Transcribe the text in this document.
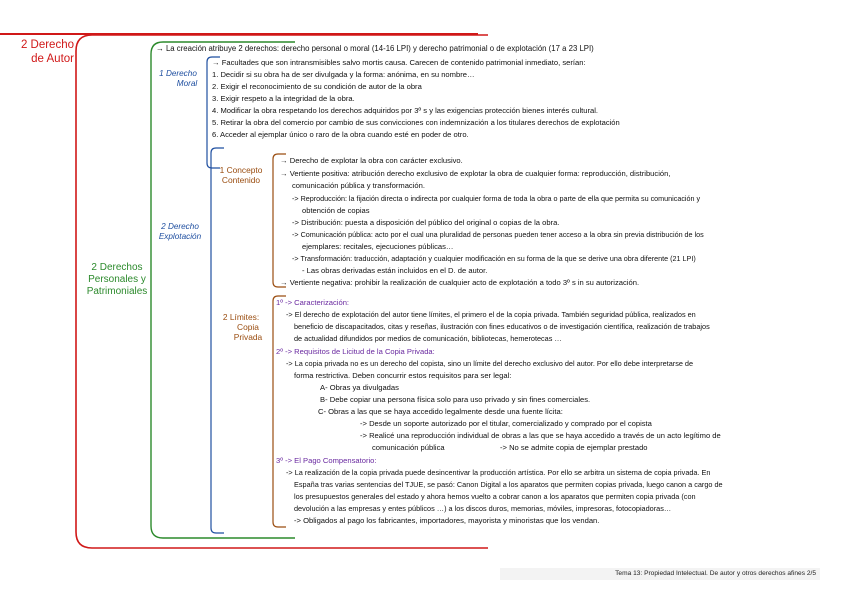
2 Derecho
de Autor
→ La creación atribuye 2 derechos: derecho personal o moral (14-16 LPI) y derecho patrimonial o de explotación (17 a 23 LPI)
2 Derechos
Personales y
Patrimoniales
1 Derecho
Moral
→ Facultades que son intransmisibles salvo mortis causa. Carecen de contenido patrimonial inmediato, serían:
1. Decidir si su obra ha de ser divulgada y la forma: anónima, en su nombre…
2. Exigir el reconocimiento de su condición de autor de la obra
3. Exigir respeto a la integridad de la obra.
4. Modificar la obra respetando los derechos adquiridos por 3º s y las exigencias protección bienes interés cultural.
5. Retirar la obra del comercio por cambio de sus convicciones con indemnización a los titulares derechos de explotación
6. Acceder al ejemplar único o raro de la obra cuando esté en poder de otro.
2 Derecho
Explotación
1 Concepto
Contenido
→ Derecho de explotar la obra con carácter exclusivo.
→ Vertiente positiva: atribución derecho exclusivo de explotar la obra de cualquier forma: reproducción, distribución,
comunicación pública y transformación.
-> Reproducción: la fijación directa o indirecta por cualquier forma de toda la obra o parte de ella que permita su comunicación y
obtención de copias
-> Distribución: puesta a disposición del público del original o copias de la obra.
-> Comunicación pública: acto por el cual una pluralidad de personas pueden tener acceso a la obra sin previa distribución de los
ejemplares: recitales, ejecuciones públicas…
-> Transformación: traducción, adaptación y cualquier modificación en su forma de la que se derive una obra diferente (21 LPI)
- Las obras derivadas están incluidos en el D. de autor.
→ Vertiente negativa: prohibir la realización de cualquier acto de explotación a todo 3º s in su autorización.
2 Límites:
Copia
Privada
1º -> Caracterización:
-> El derecho de explotación del autor tiene límites, el primero el de la copia privada. También seguridad pública, realizados en
beneficio de discapacitados, citas y reseñas, ilustración con fines educativos o de investigación científica, realización de trabajos
de actualidad difundidos por medios de comunicación, bibliotecas, hemerotecas …
2º -> Requisitos de Licitud de la Copia Privada:
-> La copia privada no es un derecho del copista, sino un límite del derecho exclusivo del autor. Por ello debe interpretarse de
forma restrictiva. Deben concurrir estos requisitos para ser legal:
A- Obras ya divulgadas
B- Debe copiar una persona física solo para uso privado y sin fines comerciales.
C- Obras a las que se haya accedido legalmente desde una fuente lícita:
-> Desde un soporte autorizado por el titular, comercializado y comprado por el copista
-> Realicé una reproducción individual de obras a las que se haya accedido a través de un acto legítimo de
comunicación pública	-> No se admite copia de ejemplar prestado
3º -> El Pago Compensatorio:
-> La realización de la copia privada puede desincentivar la producción artística. Por ello se arbitra un sistema de copia privada. En
España tras varias sentencias del TJUE, se pasó: Canon Digital a los aparatos que permiten copias privada, luego canon a cargo de
los presupuestos generales del estado y ahora hemos vuelto a cobrar canon a los aparatos que permiten copia privada (con
devolución a las empresas y entes públicos …) a los discos duros, memorias, móviles, impresoras, fotocopiadoras…
-> Obligados al pago los fabricantes, importadores, mayorista y minoristas que los vendan.
Tema 13: Propiedad Intelectual. De autor y otros derechos afines 2/5
